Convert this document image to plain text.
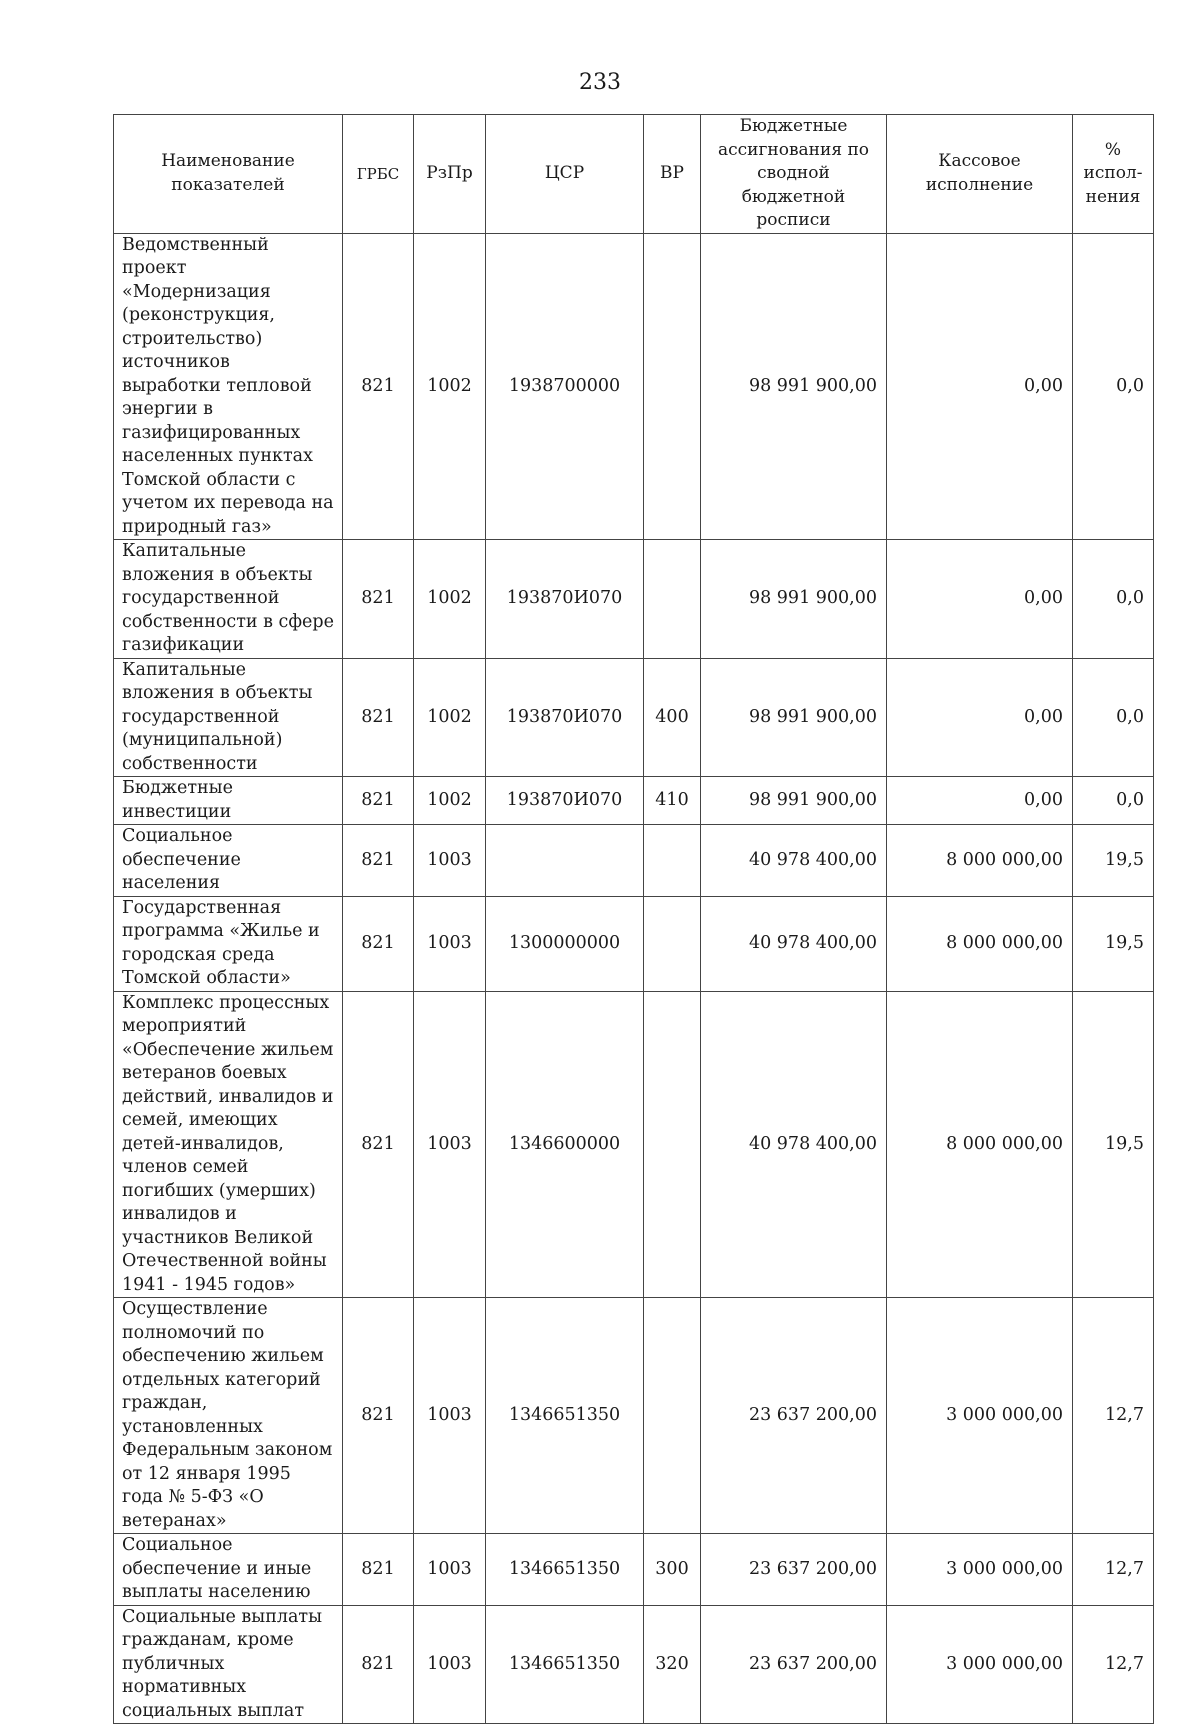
233
Наименование показателей	ГРБС	РзПр	ЦСР	ВР	Бюджетные ассигнования по сводной бюджетной росписи	Кассовое исполнение	% испол-нения
Ведомственный проект «Модернизация (реконструкция, строительство) источников выработки тепловой энергии в газифицированных населенных пунктах Томской области с учетом их перевода на природный газ»	821	1002	1938700000		98 991 900,00	0,00	0,0
Капитальные вложения в объекты государственной собственности в сфере газификации	821	1002	193870И070		98 991 900,00	0,00	0,0
Капитальные вложения в объекты государственной (муниципальной) собственности	821	1002	193870И070	400	98 991 900,00	0,00	0,0
Бюджетные инвестиции	821	1002	193870И070	410	98 991 900,00	0,00	0,0
Социальное обеспечение населения	821	1003			40 978 400,00	8 000 000,00	19,5
Государственная программа «Жилье и городская среда Томской области»	821	1003	1300000000		40 978 400,00	8 000 000,00	19,5
Комплекс процессных мероприятий «Обеспечение жильем ветеранов боевых действий, инвалидов и семей, имеющих детей-инвалидов, членов семей погибших (умерших) инвалидов и участников Великой Отечественной войны 1941 - 1945 годов»	821	1003	1346600000		40 978 400,00	8 000 000,00	19,5
Осуществление полномочий по обеспечению жильем отдельных категорий граждан, установленных Федеральным законом от 12 января 1995 года № 5-ФЗ «О ветеранах»	821	1003	1346651350		23 637 200,00	3 000 000,00	12,7
Социальное обеспечение и иные выплаты населению	821	1003	1346651350	300	23 637 200,00	3 000 000,00	12,7
Социальные выплаты гражданам, кроме публичных нормативных социальных выплат	821	1003	1346651350	320	23 637 200,00	3 000 000,00	12,7
